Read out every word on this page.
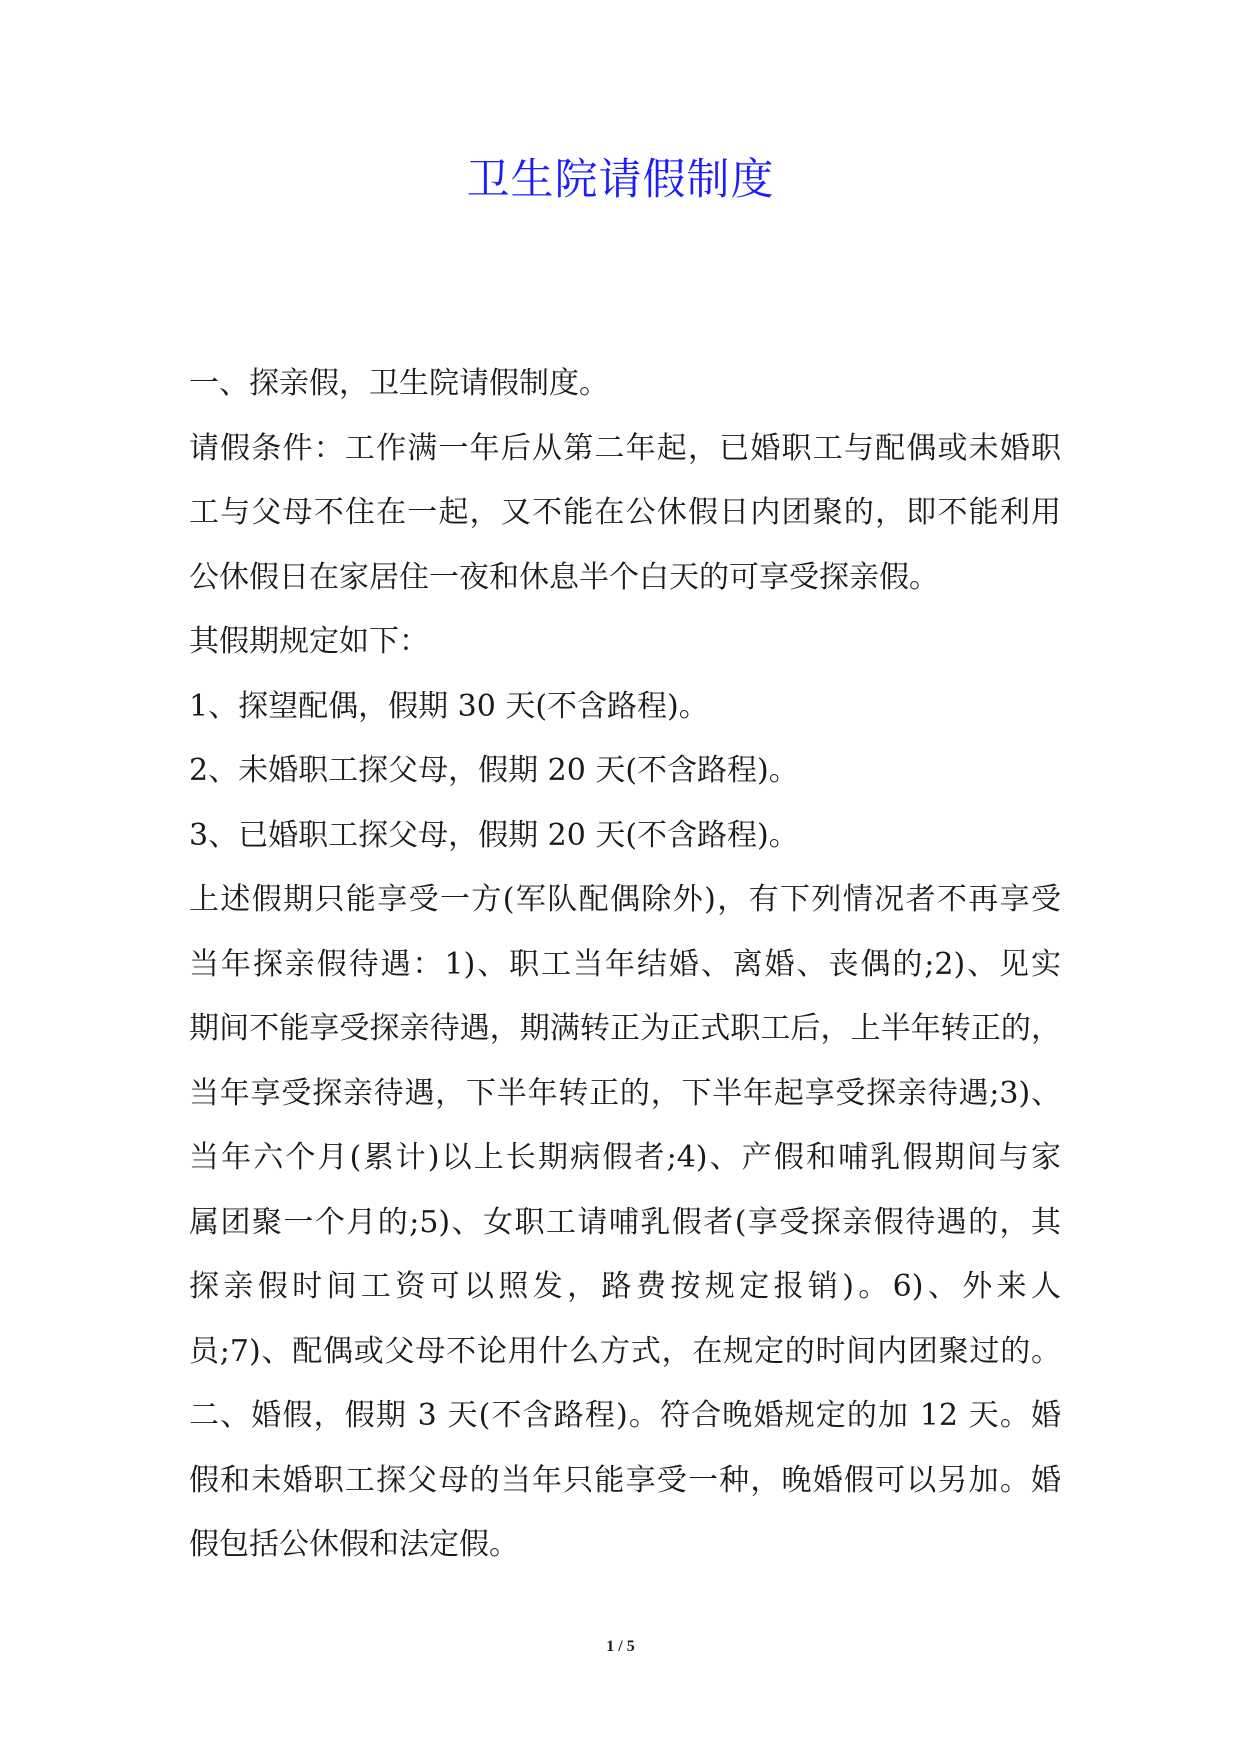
卫生院请假制度
一、探亲假，卫生院请假制度。
请假条件：工作满一年后从第二年起，已婚职工与配偶或未婚职
工与父母不住在一起，又不能在公休假日内团聚的，即不能利用
公休假日在家居住一夜和休息半个白天的可享受探亲假。
其假期规定如下：
1、探望配偶，假期 30 天(不含路程)。
2、未婚职工探父母，假期 20 天(不含路程)。
3、已婚职工探父母，假期 20 天(不含路程)。
上述假期只能享受一方(军队配偶除外)，有下列情况者不再享受
当年探亲假待遇：1)、职工当年结婚、离婚、丧偶的;2)、见实
期间不能享受探亲待遇，期满转正为正式职工后，上半年转正的，
当年享受探亲待遇，下半年转正的，下半年起享受探亲待遇;3)、
当年六个月(累计)以上长期病假者;4)、产假和哺乳假期间与家
属团聚一个月的;5)、女职工请哺乳假者(享受探亲假待遇的，其
探亲假时间工资可以照发，路费按规定报销)。6)、外来人
员;7)、配偶或父母不论用什么方式，在规定的时间内团聚过的。
二、婚假，假期 3 天(不含路程)。符合晚婚规定的加 12 天。婚
假和未婚职工探父母的当年只能享受一种，晚婚假可以另加。婚
假包括公休假和法定假。
1 / 5
